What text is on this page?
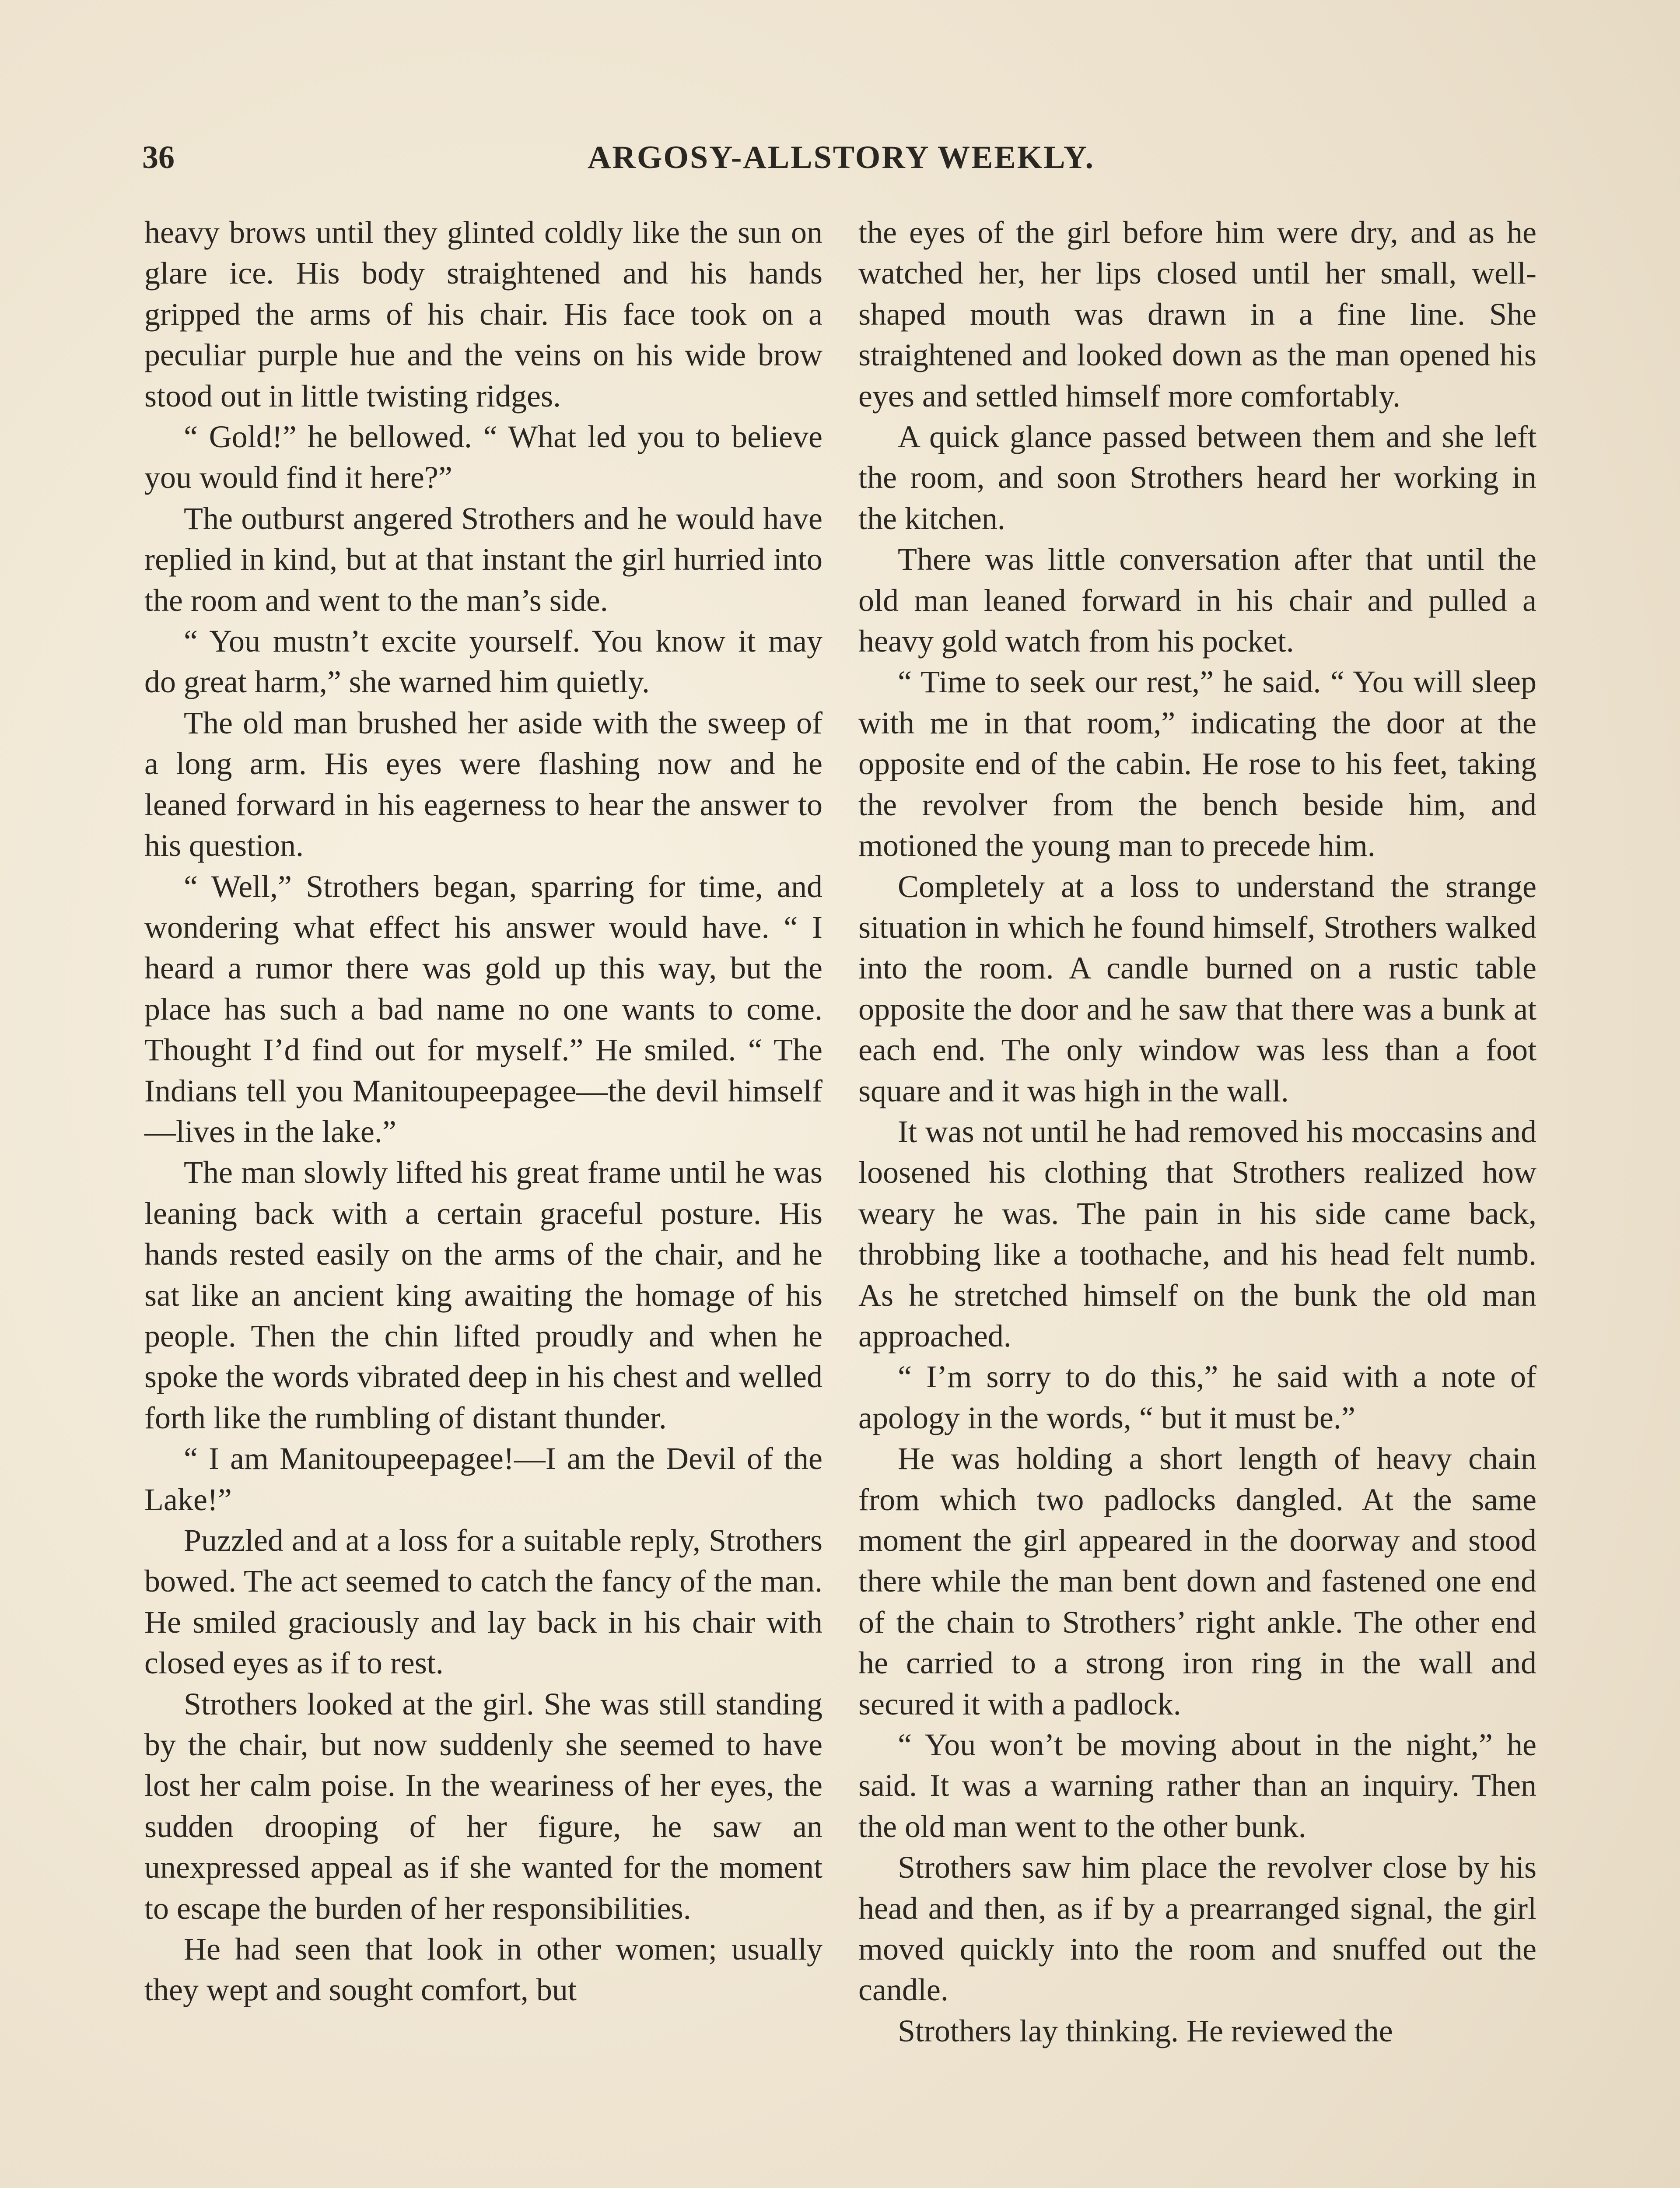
36	ARGOSY-ALLSTORY WEEKLY.

heavy brows until they glinted coldly like the sun on glare ice. His body straightened and his hands gripped the arms of his chair. His face took on a peculiar purple hue and the veins on his wide brow stood out in little twisting ridges.

“ Gold!” he bellowed. “ What led you to believe you would find it here?”

The outburst angered Strothers and he would have replied in kind, but at that instant the girl hurried into the room and went to the man’s side.

“ You mustn’t excite yourself. You know it may do great harm,” she warned him quietly.

The old man brushed her aside with the sweep of a long arm. His eyes were flashing now and he leaned forward in his eagerness to hear the answer to his question.

“ Well,” Strothers began, sparring for time, and wondering what effect his answer would have. “ I heard a rumor there was gold up this way, but the place has such a bad name no one wants to come. Thought I’d find out for myself.” He smiled. “ The Indians tell you Manitoupeepagee—the devil himself—lives in the lake.”

The man slowly lifted his great frame until he was leaning back with a certain graceful posture. His hands rested easily on the arms of the chair, and he sat like an ancient king awaiting the homage of his people. Then the chin lifted proudly and when he spoke the words vibrated deep in his chest and welled forth like the rumbling of distant thunder.

“ I am Manitoupeepagee!—I am the Devil of the Lake!”

Puzzled and at a loss for a suitable reply, Strothers bowed. The act seemed to catch the fancy of the man. He smiled graciously and lay back in his chair with closed eyes as if to rest.

Strothers looked at the girl. She was still standing by the chair, but now suddenly she seemed to have lost her calm poise. In the weariness of her eyes, the sudden drooping of her figure, he saw an unexpressed appeal as if she wanted for the moment to escape the burden of her responsibilities.

He had seen that look in other women; usually they wept and sought comfort, but

the eyes of the girl before him were dry, and as he watched her, her lips closed until her small, well-shaped mouth was drawn in a fine line. She straightened and looked down as the man opened his eyes and settled himself more comfortably.

A quick glance passed between them and she left the room, and soon Strothers heard her working in the kitchen.

There was little conversation after that until the old man leaned forward in his chair and pulled a heavy gold watch from his pocket.

“ Time to seek our rest,” he said. “ You will sleep with me in that room,” indicating the door at the opposite end of the cabin. He rose to his feet, taking the revolver from the bench beside him, and motioned the young man to precede him.

Completely at a loss to understand the strange situation in which he found himself, Strothers walked into the room. A candle burned on a rustic table opposite the door and he saw that there was a bunk at each end. The only window was less than a foot square and it was high in the wall.

It was not until he had removed his moccasins and loosened his clothing that Strothers realized how weary he was. The pain in his side came back, throbbing like a toothache, and his head felt numb. As he stretched himself on the bunk the old man approached.

“ I’m sorry to do this,” he said with a note of apology in the words, “ but it must be.”

He was holding a short length of heavy chain from which two padlocks dangled. At the same moment the girl appeared in the doorway and stood there while the man bent down and fastened one end of the chain to Strothers’ right ankle. The other end he carried to a strong iron ring in the wall and secured it with a padlock.

“ You won’t be moving about in the night,” he said. It was a warning rather than an inquiry. Then the old man went to the other bunk.

Strothers saw him place the revolver close by his head and then, as if by a prearranged signal, the girl moved quickly into the room and snuffed out the candle.

Strothers lay thinking. He reviewed the
